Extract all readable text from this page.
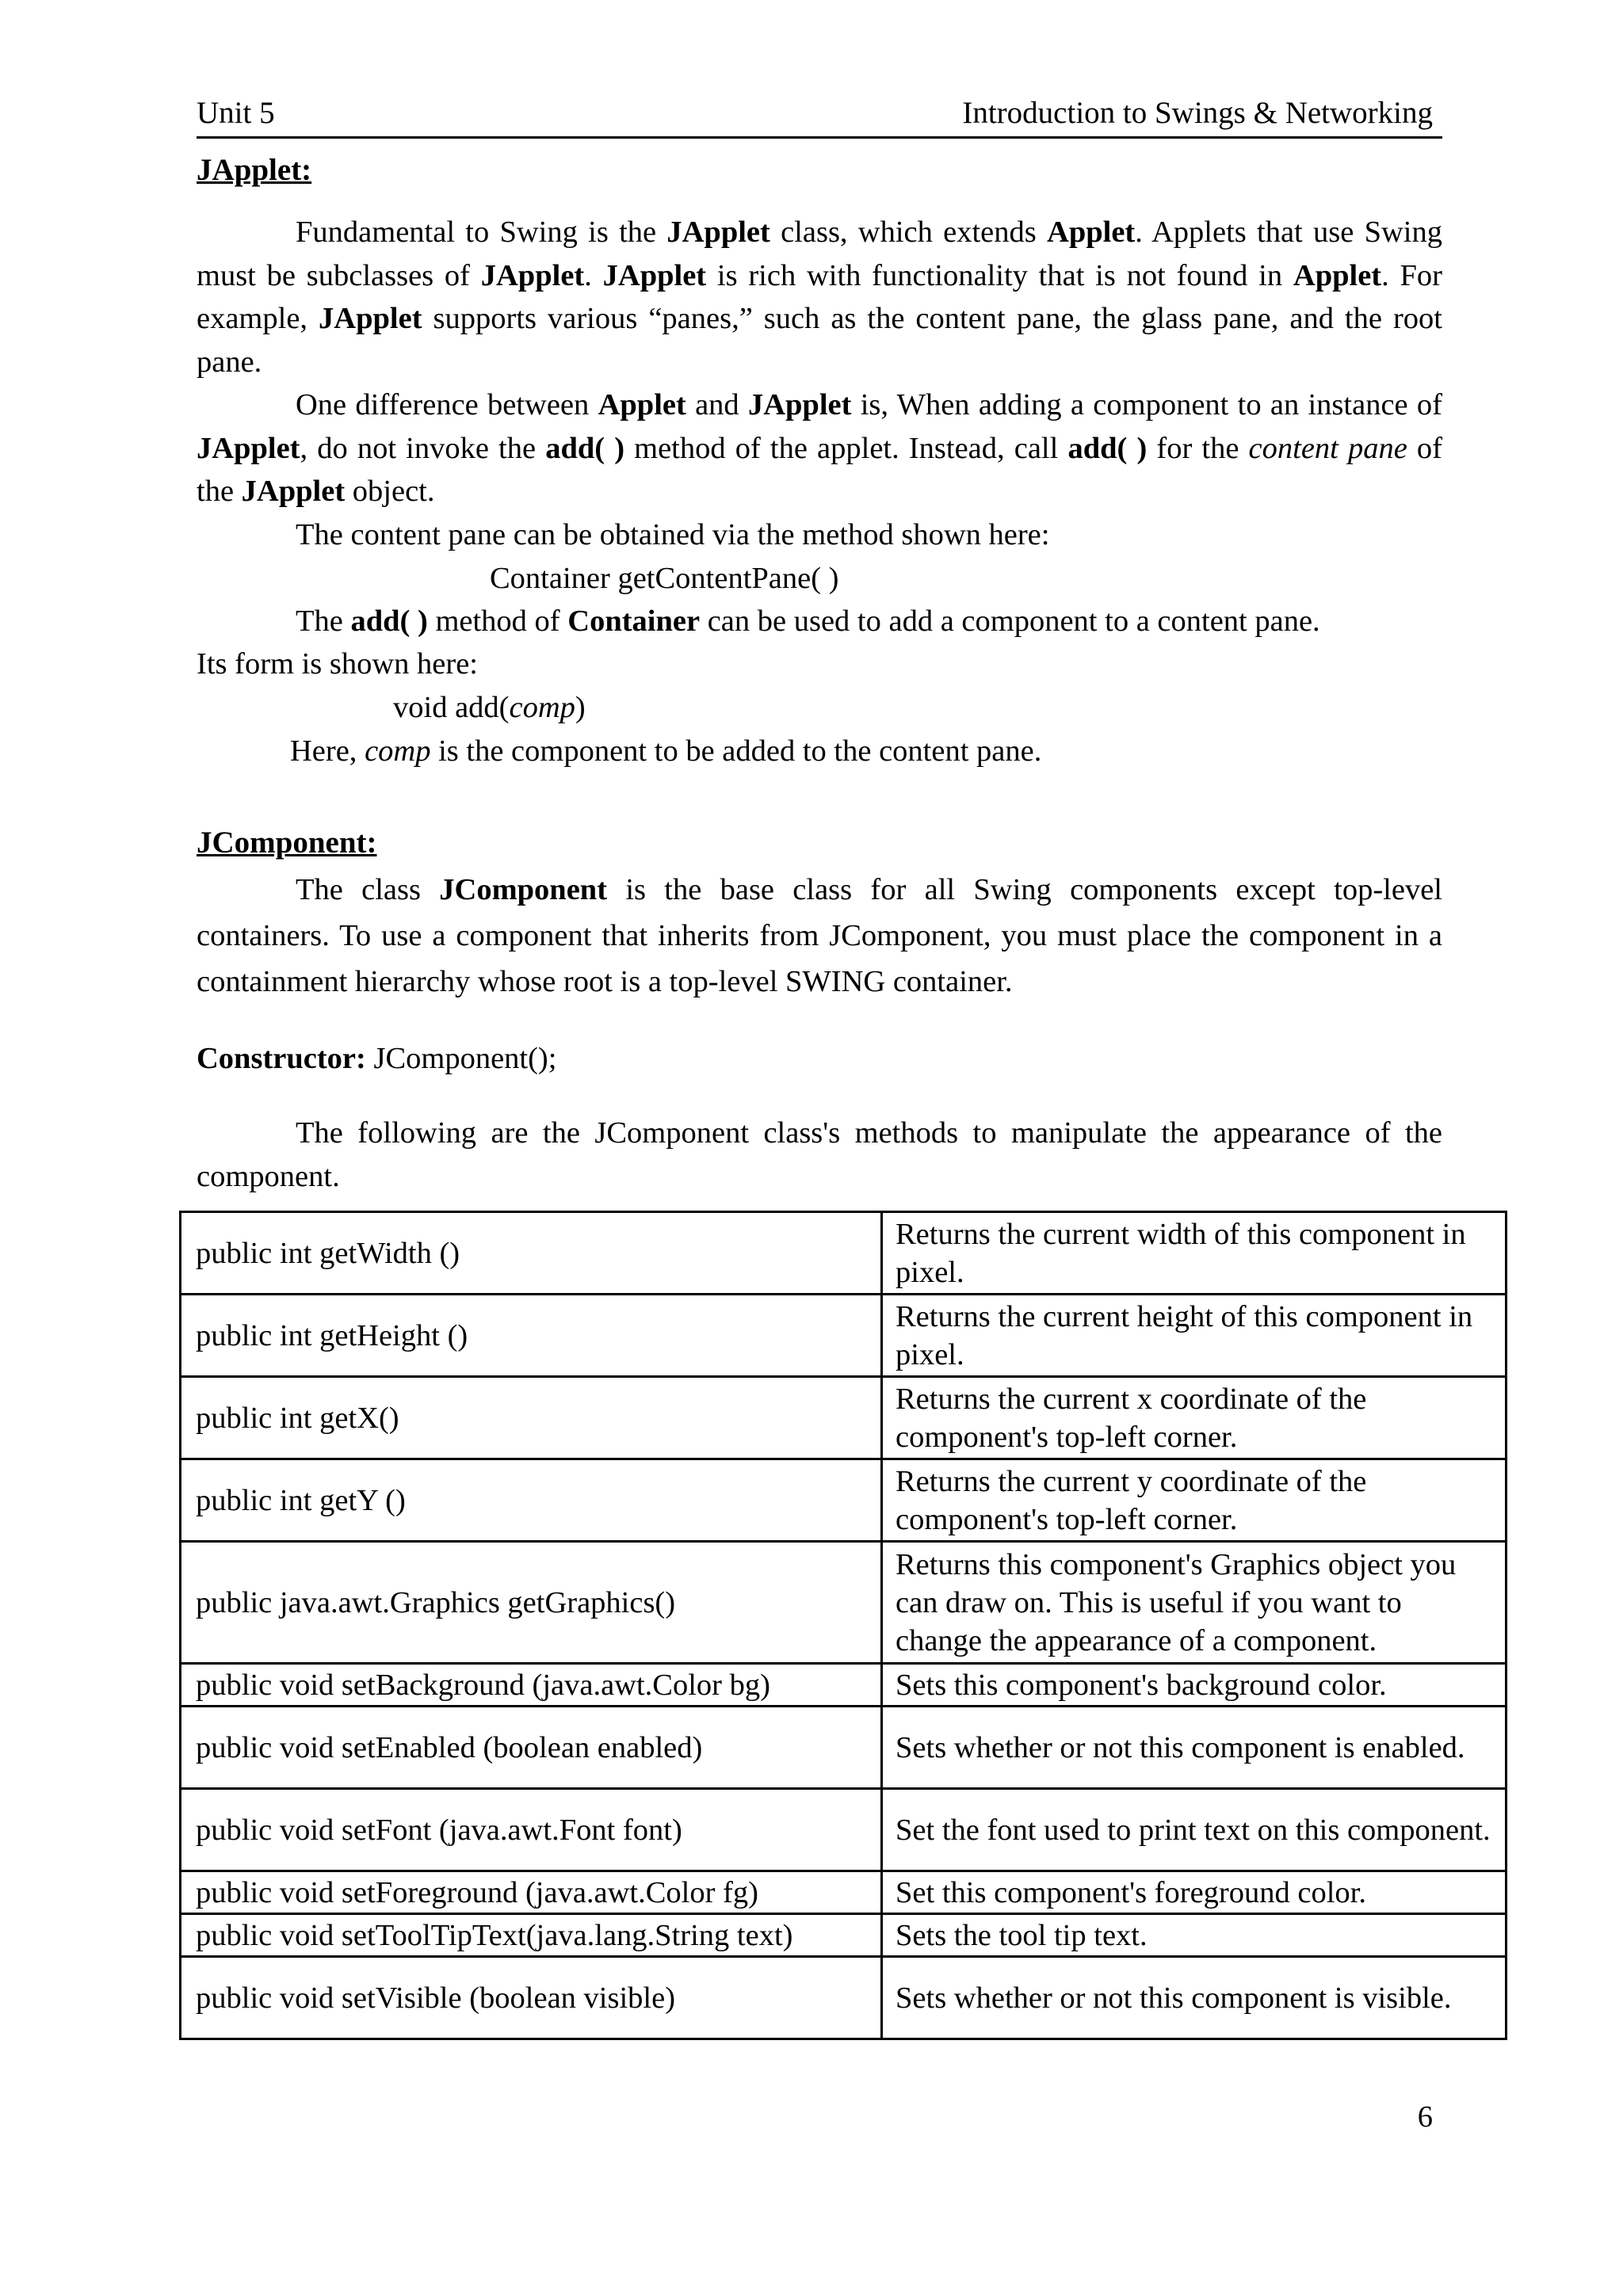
Unit 5	Introduction to Swings & Networking
JApplet:
Fundamental to Swing is the JApplet class, which extends Applet. Applets that use Swing must be subclasses of JApplet. JApplet is rich with functionality that is not found in Applet. For example, JApplet supports various “panes,” such as the content pane, the glass pane, and the root pane.
One difference between Applet and JApplet is, When adding a component to an instance of JApplet, do not invoke the add( ) method of the applet. Instead, call add( ) for the content pane of the JApplet object.
The content pane can be obtained via the method shown here:
Container getContentPane( )
The add( ) method of Container can be used to add a component to a content pane.
Its form is shown here:
void add(comp)
Here, comp is the component to be added to the content pane.
JComponent:
The class JComponent is the base class for all Swing components except top-level containers. To use a component that inherits from JComponent, you must place the component in a containment hierarchy whose root is a top-level SWING container.
Constructor: JComponent();
The following are the JComponent class's methods to manipulate the appearance of the component.
public int getWidth ()	Returns the current width of this component in pixel.
public int getHeight ()	Returns the current height of this component in pixel.
public int getX()	Returns the current x coordinate of the component's top-left corner.
public int getY ()	Returns the current y coordinate of the component's top-left corner.
public java.awt.Graphics getGraphics()	Returns this component's Graphics object you can draw on. This is useful if you want to change the appearance of a component.
public void setBackground (java.awt.Color bg)	Sets this component's background color.
public void setEnabled (boolean enabled)	Sets whether or not this component is enabled.
public void setFont (java.awt.Font font)	Set the font used to print text on this component.
public void setForeground (java.awt.Color fg)	Set this component's foreground color.
public void setToolTipText(java.lang.String text)	Sets the tool tip text.
public void setVisible (boolean visible)	Sets whether or not this component is visible.
6
